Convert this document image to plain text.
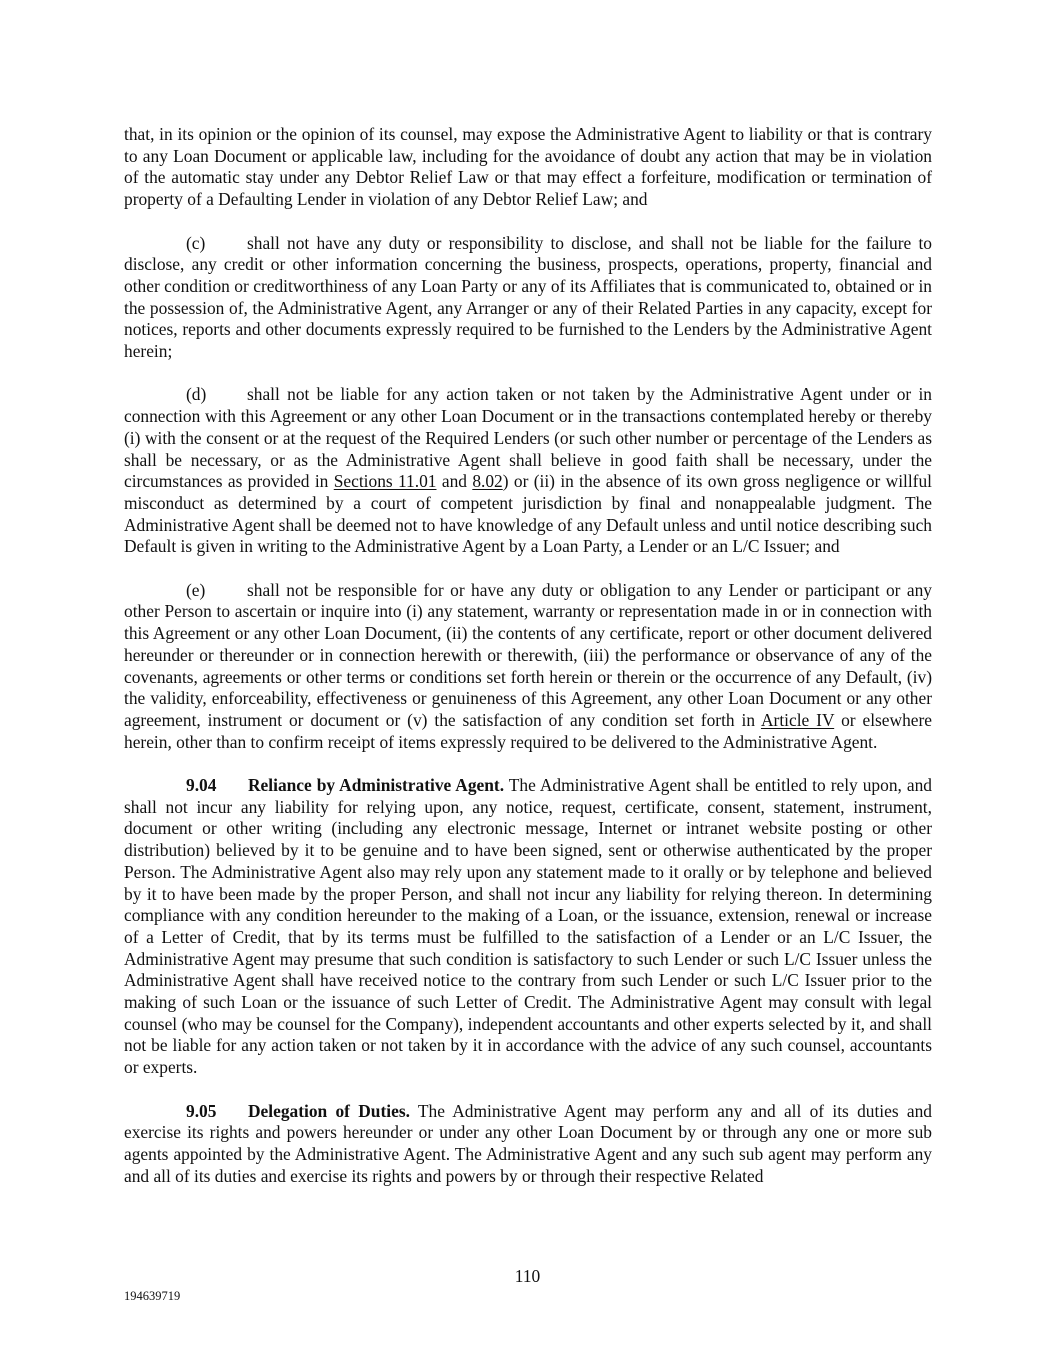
that, in its opinion or the opinion of its counsel, may expose the Administrative Agent to liability or that is contrary to any Loan Document or applicable law, including for the avoidance of doubt any action that may be in violation of the automatic stay under any Debtor Relief Law or that may effect a forfeiture, modification or termination of property of a Defaulting Lender in violation of any Debtor Relief Law; and

(c) shall not have any duty or responsibility to disclose, and shall not be liable for the failure to disclose, any credit or other information concerning the business, prospects, operations, property, financial and other condition or creditworthiness of any Loan Party or any of its Affiliates that is communicated to, obtained or in the possession of, the Administrative Agent, any Arranger or any of their Related Parties in any capacity, except for notices, reports and other documents expressly required to be furnished to the Lenders by the Administrative Agent herein;

(d) shall not be liable for any action taken or not taken by the Administrative Agent under or in connection with this Agreement or any other Loan Document or in the transactions contemplated hereby or thereby (i) with the consent or at the request of the Required Lenders (or such other number or percentage of the Lenders as shall be necessary, or as the Administrative Agent shall believe in good faith shall be necessary, under the circumstances as provided in Sections 11.01 and 8.02) or (ii) in the absence of its own gross negligence or willful misconduct as determined by a court of competent jurisdiction by final and nonappealable judgment. The Administrative Agent shall be deemed not to have knowledge of any Default unless and until notice describing such Default is given in writing to the Administrative Agent by a Loan Party, a Lender or an L/C Issuer; and

(e) shall not be responsible for or have any duty or obligation to any Lender or participant or any other Person to ascertain or inquire into (i) any statement, warranty or representation made in or in connection with this Agreement or any other Loan Document, (ii) the contents of any certificate, report or other document delivered hereunder or thereunder or in connection herewith or therewith, (iii) the performance or observance of any of the covenants, agreements or other terms or conditions set forth herein or therein or the occurrence of any Default, (iv) the validity, enforceability, effectiveness or genuineness of this Agreement, any other Loan Document or any other agreement, instrument or document or (v) the satisfaction of any condition set forth in Article IV or elsewhere herein, other than to confirm receipt of items expressly required to be delivered to the Administrative Agent.

9.04 Reliance by Administrative Agent. The Administrative Agent shall be entitled to rely upon, and shall not incur any liability for relying upon, any notice, request, certificate, consent, statement, instrument, document or other writing (including any electronic message, Internet or intranet website posting or other distribution) believed by it to be genuine and to have been signed, sent or otherwise authenticated by the proper Person. The Administrative Agent also may rely upon any statement made to it orally or by telephone and believed by it to have been made by the proper Person, and shall not incur any liability for relying thereon. In determining compliance with any condition hereunder to the making of a Loan, or the issuance, extension, renewal or increase of a Letter of Credit, that by its terms must be fulfilled to the satisfaction of a Lender or an L/C Issuer, the Administrative Agent may presume that such condition is satisfactory to such Lender or such L/C Issuer unless the Administrative Agent shall have received notice to the contrary from such Lender or such L/C Issuer prior to the making of such Loan or the issuance of such Letter of Credit. The Administrative Agent may consult with legal counsel (who may be counsel for the Company), independent accountants and other experts selected by it, and shall not be liable for any action taken or not taken by it in accordance with the advice of any such counsel, accountants or experts.

9.05 Delegation of Duties. The Administrative Agent may perform any and all of its duties and exercise its rights and powers hereunder or under any other Loan Document by or through any one or more sub agents appointed by the Administrative Agent. The Administrative Agent and any such sub agent may perform any and all of its duties and exercise its rights and powers by or through their respective Related

110
194639719
